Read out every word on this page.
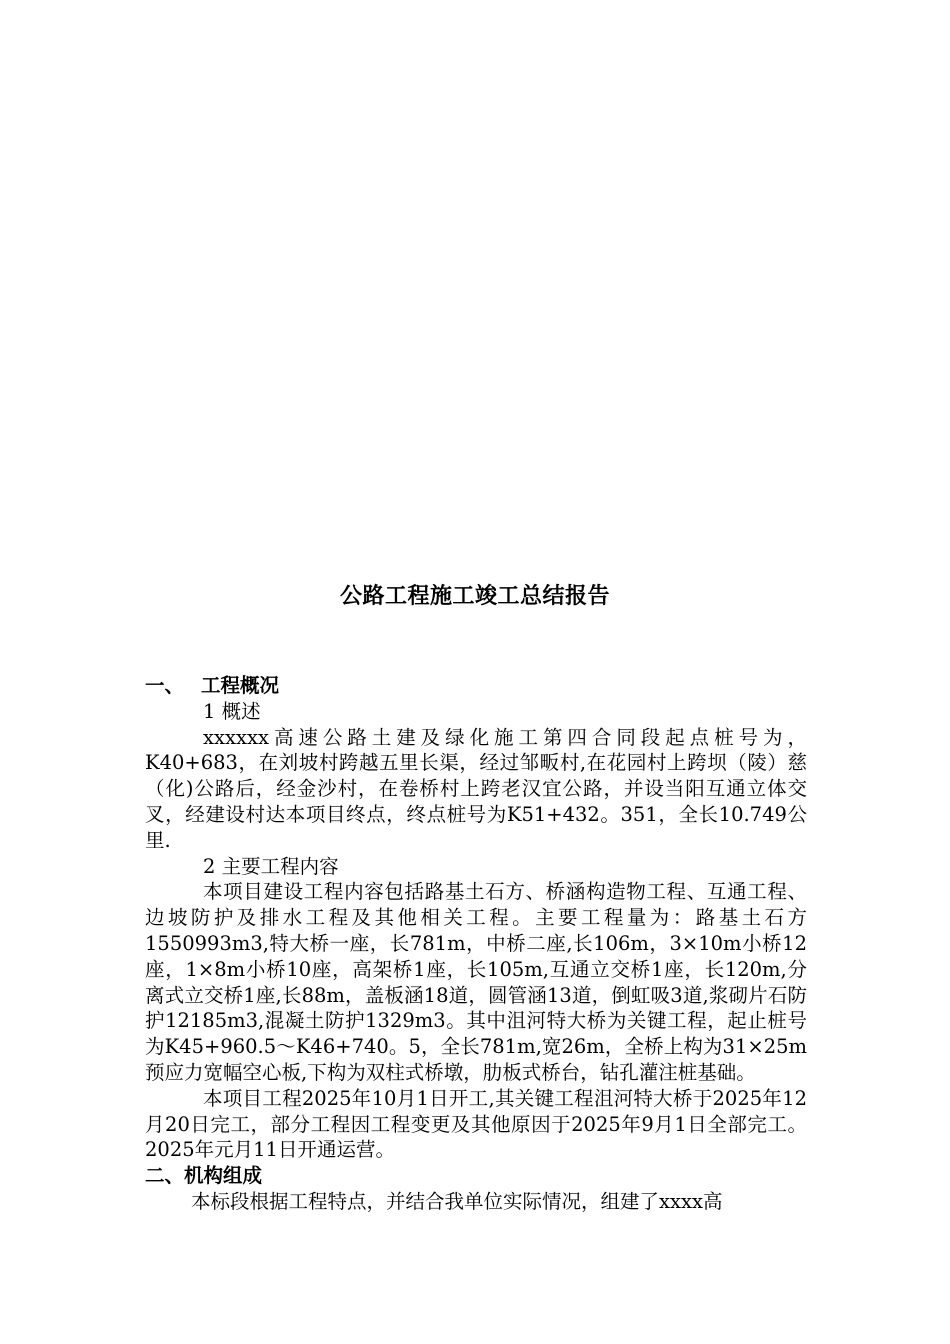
公路工程施工竣工总结报告
一、 工程概况
1 概述
xxxxxx高速公路土建及绿化施工第四合同段起点桩号为，K40+683，在刘坡村跨越五里长渠，经过邹畈村,在花园村上跨坝（陵）慈（化)公路后，经金沙村，在卷桥村上跨老汉宜公路，并设当阳互通立体交叉，经建设村达本项目终点，终点桩号为K51+432。351，全长10.749公里.
2 主要工程内容
本项目建设工程内容包括路基土石方、桥涵构造物工程、互通工程、边坡防护及排水工程及其他相关工程。主要工程量为：路基土石方1550993m3,特大桥一座，长781m，中桥二座,长106m，3×10m小桥12座，1×8m小桥10座，高架桥1座，长105m,互通立交桥1座，长120m,分离式立交桥1座,长88m，盖板涵18道，圆管涵13道，倒虹吸3道,浆砌片石防护12185m3,混凝土防护1329m3。其中沮河特大桥为关键工程，起止桩号为K45+960.5～K46+740。5，全长781m,宽26m，全桥上构为31×25m预应力宽幅空心板,下构为双柱式桥墩，肋板式桥台，钻孔灌注桩基础。
本项目工程2025年10月1日开工,其关键工程沮河特大桥于2025年12月20日完工，部分工程因工程变更及其他原因于2025年9月1日全部完工。2025年元月11日开通运营。
二、机构组成
本标段根据工程特点，并结合我单位实际情况，组建了xxxx高
